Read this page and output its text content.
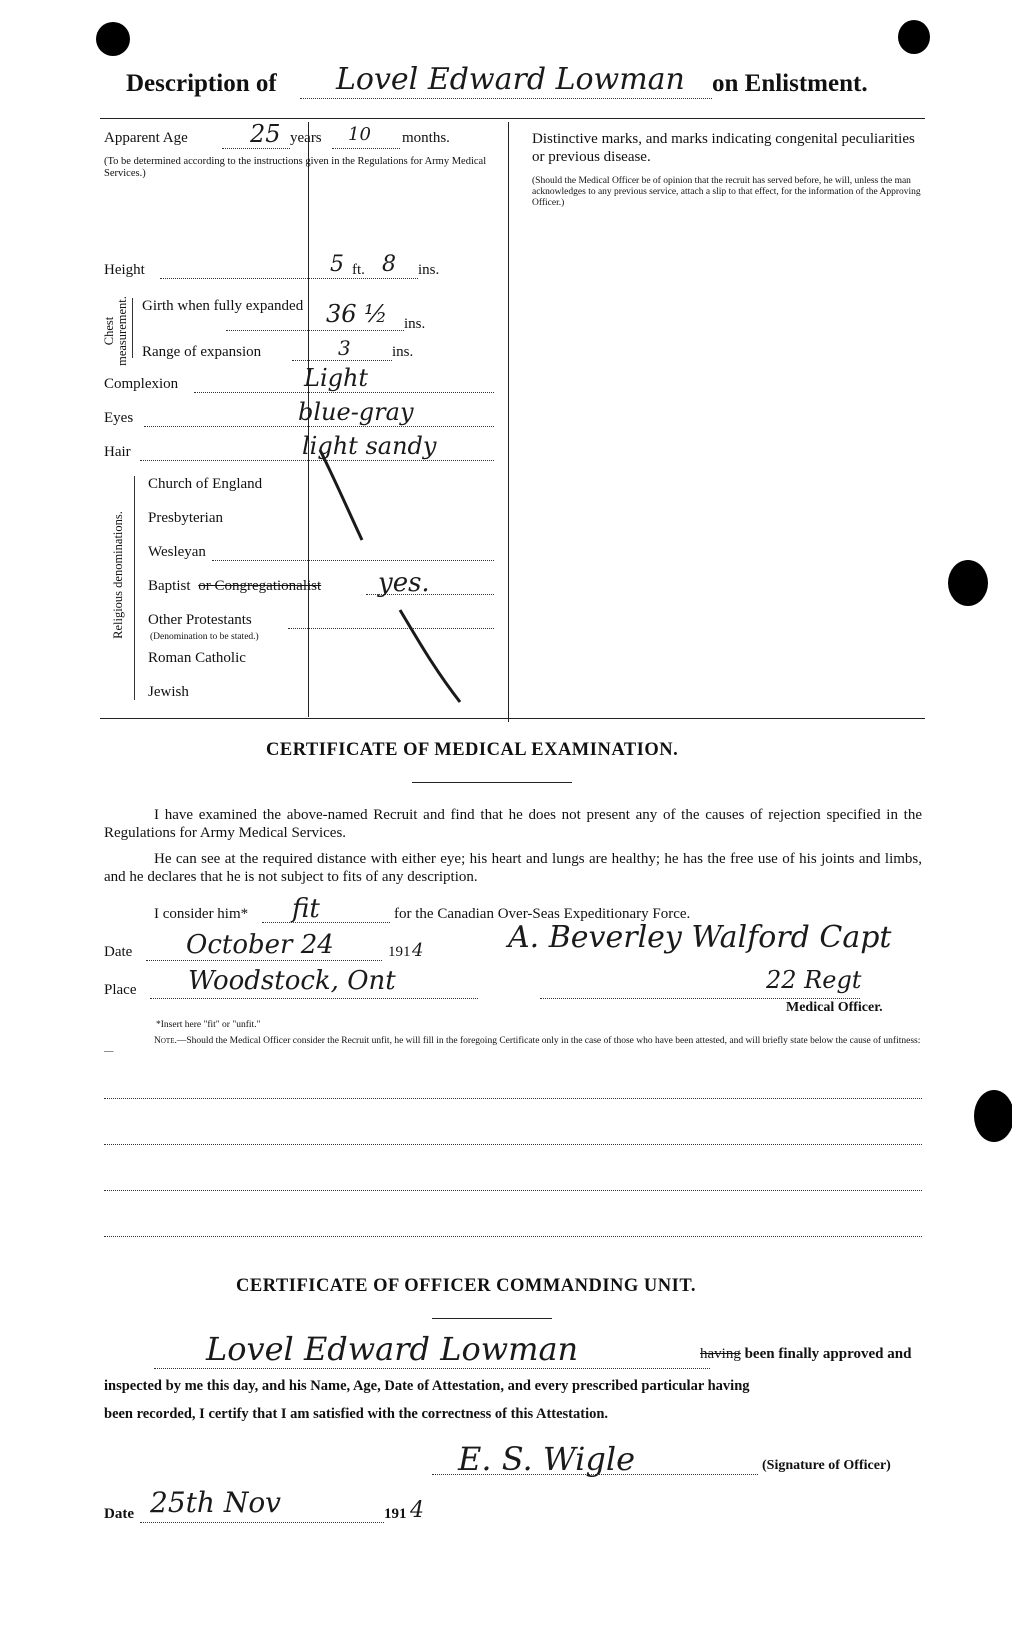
Description of Lovel Edward Lowman on Enlistment.
Apparent Age	25 years 10 months.
(To be determined according to the instructions given in the Regulations for Army Medical Services.)
Distinctive marks, and marks indicating congenital peculiarities or previous disease.
(Should the Medical Officer be of opinion that the recruit has served before, he will, unless the man acknowledges to any previous service, attach a slip to that effect, for the information of the Approving Officer.)
Height	5 ft. 8 ins.
Chest measurement. Girth when fully expanded 36 ½ ins.
Range of expansion	3	ins.
Complexion	Light
Eyes	blue-gray
Hair	light sandy
Religious denominations.
Church of England
Presbyterian
Wesleyan
Baptist or Congregationalist yes.
Other Protestants
(Denomination to be stated.)
Roman Catholic
Jewish
CERTIFICATE OF MEDICAL EXAMINATION.
I have examined the above-named Recruit and find that he does not present any of the causes of rejection specified in the Regulations for Army Medical Services.
He can see at the required distance with either eye; his heart and lungs are healthy; he has the free use of his joints and limbs, and he declares that he is not subject to fits of any description.
I consider him* fit	for the Canadian Over-Seas Expeditionary Force.
Date October 24	191 4	A. Beverley Walford Capt
22 Regt
Place Woodstock, Ont
Medical Officer.
*Insert here "fit" or "unfit."
Note.—Should the Medical Officer consider the Recruit unfit, he will fill in the foregoing Certificate only in the case of those who have been attested, and will briefly state below the cause of unfitness:—
CERTIFICATE OF OFFICER COMMANDING UNIT.
Lovel Edward Lowman	having been finally approved and
inspected by me this day, and his Name, Age, Date of Attestation, and every prescribed particular having
been recorded, I certify that I am satisfied with the correctness of this Attestation.
E. S. Wigle	(Signature of Officer)
Date 25th Nov	191 4
